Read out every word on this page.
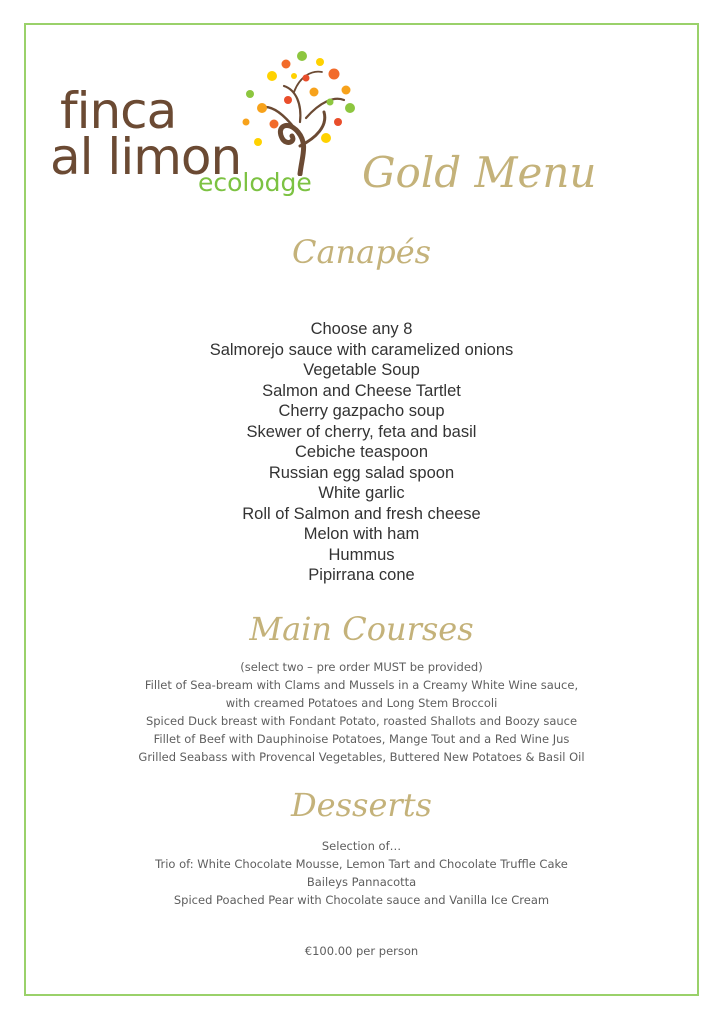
finca
al limon
ecolodge Gold Menu
Canapés
Choose any 8
Salmorejo sauce with caramelized onions
Vegetable Soup
Salmon and Cheese Tartlet
Cherry gazpacho soup
Skewer of cherry, feta and basil
Cebiche teaspoon
Russian egg salad spoon
White garlic
Roll of Salmon and fresh cheese
Melon with ham
Hummus
Pipirrana cone
Main Courses
(select two – pre order MUST be provided)
Fillet of Sea-bream with Clams and Mussels in a Creamy White Wine sauce,
with creamed Potatoes and Long Stem Broccoli
Spiced Duck breast with Fondant Potato, roasted Shallots and Boozy sauce
Fillet of Beef with Dauphinoise Potatoes, Mange Tout and a Red Wine Jus
Grilled Seabass with Provencal Vegetables, Buttered New Potatoes & Basil Oil
Desserts
Selection of…
Trio of: White Chocolate Mousse, Lemon Tart and Chocolate Truffle Cake
Baileys Pannacotta
Spiced Poached Pear with Chocolate sauce and Vanilla Ice Cream
€100.00 per person
